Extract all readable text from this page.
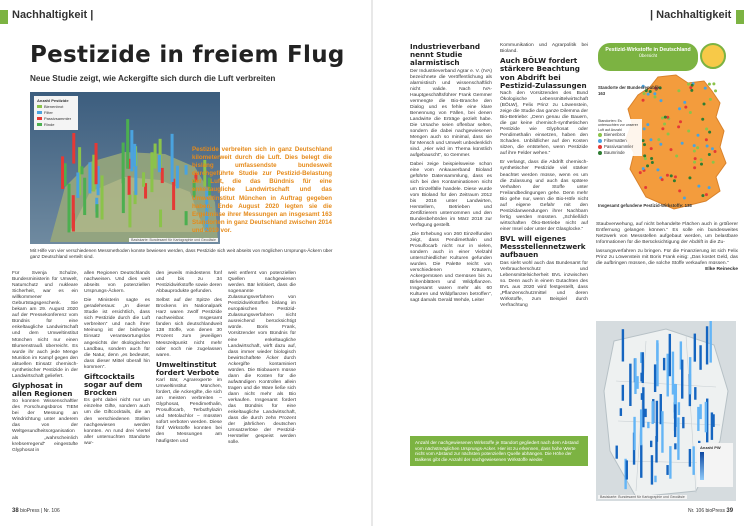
Nachhaltigkeit |	| Nachhaltigkeit
Pestizide in freiem Flug
Neue Studie zeigt, wie Ackergifte sich durch die Luft verbreiten
Anzahl Pestizide
Bienenbrot
Filter
Passivsammler
Rinde
Basiskarte: Bundesamt für Kartographie und Geodäsie
Pestizide verbreiten sich in ganz Deutschland kilometerweit durch die Luft. Dies belegt die bislang umfassendste bundesweit durchgeführte Studie zur Pestizid-Belastung der Luft, die das Bündnis für eine enkeltaugliche Landwirtschaft und das Umweltinstitut München in Auftrag gegeben haben. Ende August 2020 legten sie die Ergebnisse ihrer Messungen an insgesamt 163 Standorten in ganz Deutschland zwischen 2014 und 2019 vor.
Mit Hilfe von vier verschiedenen Messmethoden konnte bewiesen werden, dass Pestizide sich weit abseits von möglichen Ursprungs-Äckern über ganz Deutschland verteilt sind.

Für Svenja Schulze, Bundesministerin für Umwelt, Naturschutz und nukleare Sicherheit, war es ein willkommener Geburtstagsgeschenk. Sie bekam am 29. August 2020 auf der Pressekonferenz vom Bündnis für eine enkeltaugliche Landwirtschaft und dem Umweltinstitut München nicht nur einen Blumenstrauß überreicht. Es wurde ihr auch jede Menge Munition im Kampf gegen den aktuellen Einsatz chemisch-synthetischer Pestizide in der Landwirtschaft geliefert.

Glyphosat in allen Regionen

So konnten Wissenschaftler des Forschungsbüros TIEM bei der Messung an Windrichtung unter anderem das von der Weltgesundheitsorganisation als „wahrscheinlich krebserregend“ eingestufte Glyphosat in

allen Regionen Deutschlands nachweisen. Und dies weit abseits von potenziellen Ursprungs-Äckern.

Die Ministerin sagte es geradeheraus: „In dieser Studie ist ersichtlich, dass sich Pestizide durch die Luft verbreiten“ und nach ihrer Meinung ist der bisherige Einsatz verantwortungslos angesichts der ökologischen Landbau, sondern auch für die Natur, denn „es bedeutet, dass dieser Mittel überall hin kommen“.

Giftcocktails sogar auf dem Brocken

Es geht dabei nicht nur um einzelne Gifte, sondern auch um die Giftcocktails, die an den verschiedenen Stellen nachgewiesen werden konnten. An rund drei Viertel aller untersuchten Standorte wur-

den jeweils mindestens fünf und bis zu 34 Pestizidwirkstoffe sowie deren Abbauprodukte gefunden.

Selbst auf der Spitze des Brockens im Nationalpark Harz waren zwölf Pestizide nachweisbar. Insgesamt fanden sich deutschlandweit 138 Stoffe, von denen 30 Prozent zum jeweiligen Messzeitpunkt nicht mehr oder noch nie zugelassen waren.

Umweltinstitut fordert Verbote

Karl Bär, Agrarexperte im Umweltinstitut München, fordert, die Ackergifte, die sich am meisten verbreiten – Glyphosat, Pendimethalin, Prosulfocarb, Terbuthylazin und Metolachlor – müssten sofort verboten werden. Diese fünf Wirkstoffe konnten bei den Messungen am häufigsten und

weit entfernt von potenziellen Quellen nachgewiesen werden. Bär kritisiert, dass die sogenannte Zulassungsverfahren von Pestizidwirkstoffen bislang im europäischen Pestizid-Zulassungsverfahren nicht ausreichend berücksichtigt würde. Boris Frank, Vorsitzender vom Bündnis für eine enkeltaugliche Landwirtschaft, wirft dazu auf, dass immer wieder biologisch bewirtschaftete Äcker durch Ackergifte kontaminiert würden. Die Biobauern müsse dann die Kosten für die aufwändigen Kontrollen allein tragen und die Ware ließe sich dann nicht mehr als Bio verkaufen. Insgesamt fordert das Bündnis für eine enkeltaugliche Landwirtschaft, dass die durch zehn Prozent der jährlichen deutschen Umsatzerlöse der Pestizid-Hersteller gespeist werden solle.

Industrieverband nennt Studie alarmistisch

Der Industrieverband Agrar e. V. (IVA) bezeichnete die Veröffentlichung als alarmistisch und wissenschaftlich nicht valide. Nach IVA-Hauptgeschäftsführer Frank Gemmer vermengte die Bio-Branche den Dialog und es fehle eine klare Benennung von Fällen, bei denen Landwirte die Erträge gezielt habe. Die Ursache seien offenbar selten, sondern die dabei nachgewiesenen Mengen auch so minimal, dass sie für Mensch und Umwelt unbedenklich sind. „Hier wird im Thema künstlich aufgebauscht“, so Gemmer.

Dabei zeige beispielsweise schon eine vom Ankauverband Bioland geführte Datensammlung, dass es sich bei den Kontaminationen nicht um Einzelfälle handele. Diese wurde vom Bioland für den Zeitraum 2012 bis 2016 unter Landwirten, Herstellern, Betrieben und Zertifizierern unternommen und den Bundesbehörden im März 2018 zur Verfügung gestellt.

„Die Erhebung von 260 Einzelfunden zeigt, dass Pendimethalin und Prosulfocarb nicht nur in vielen, sondern auch in einer Vielzahl unterschiedlicher Kulturen gefunden wurden. Die Palette reicht von verschiedenen Kräutern, Ackergemüsen und Gemüsen bis zu Birkenblättern und Wildpflanzen. Insgesamt waren mehr als 60 Kulturen und Wildpflanzen betroffen“, sagt damals Gerald Wehde, Leiter

Kommunikation und Agrarpolitik bei Bioland.

Auch BÖLW fordert stärkere Beachtung von Abdrift bei Pestizid-Zulassungen

Nach den Vorsitzenden des Bund Ökologische Lebensmittelwirtschaft (BÖLW), Felix Prinz zu Löwenstein, zeige die Studie das ganze Dilemma der Bio-Betriebe: „Denn genau die Bauern, die gar keine chemisch-synthetischen Pestizide wie Glyphosat oder Pendimethalin einsetzen, haben den Schaden. Unbildlicher auf den Kosten sitzen, die entstehen, wenn Pestizide auf ihre Felder wehen.“

Er verlangt, dass die Abdrift chemisch-synthetischer Pestizide viel stärker beachtet werden müsse, wenn es um die Zulassung und auch das spätere Verhalten der Stoffe unter Freilandbedingungen gehe. Denn mehr Bio gehe nur, wenn die Bio-Höfe nicht auf eigene Gefahr mit den Pestizidanwendungen ihrer Nachbarn fertig werden müssten. „Schließlich wirtschaften Öko-Betriebe nicht auf einer Insel oder unter der Glasglocke.“

BVL will eigenes Messstellennetzwerk aufbauen

Das sieht wohl auch das Bundesamt für Verbraucherschutz und Lebensmittelsicherheit BVL inzwischen so. Denn auch in einem Gutachten des BVL aus 2020 wird festgestellt, dass „Pflanzenschutzmittel und deren Wirkstoffe, zum Beispiel durch Verfrachtung

Staubverwehung, auf nicht behandelte Flächen auch in größerer Entfernung gelangen können.“ Es solle ein bundesweites Netzwerk von Messstellen aufgebaut werden, um belastbare Informationen für die Berücksichtigung der Abdrift in die Zu-

lassungsverfahren zu bringen. Für die Finanzierung ist sich Felix Prinz zu Löwenstein mit Boris Frank einig: „Das kostet Geld, das die aufbringen müssen, die solche Stoffe verkaufen müssen.“

Elke Reinecke

Pestizid-Wirkstoffe in Deutschland
Übersicht
Standorte der Bundesrepublik: 163
Standorten: Es untersuchten vor unserer Luft auf Anzahl
Bienenbrot
Filtermatten
Passivsammler
Baumrinde
Insgesamt gefundene Pestizid-Wirkstoffe: 138
Anzahl PW
Basiskarte: Bundesamt für Kartographie und Geodäsie
Anzahl der nachgewiesenen Wirkstoffe je Standort gegliedert nach dem Abstand vom nächstmöglichen Ursprungs-Acker. Hier ist zu erkennen, dass hohe Werte nicht vom Abstand zur nächsten potenziellen Quelle abhängen. Die Höhe der Balkens gibt die Anzahl der nachgewiesenen Wirkstoffe wieder.
38 bioPress | Nr. 106	Nr. 106 bioPress 39
